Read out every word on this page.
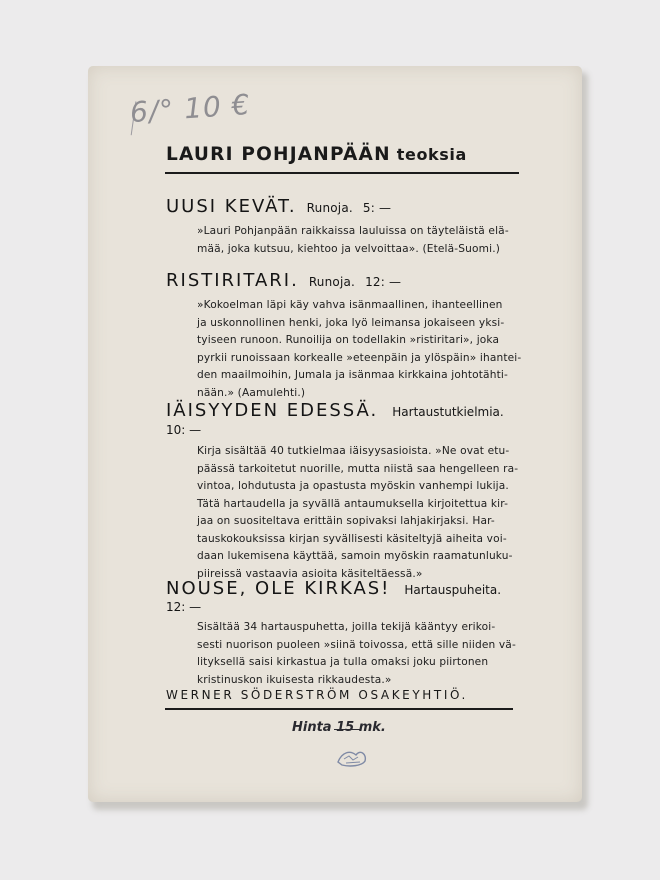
6/° 10 €
LAURI POHJANPÄÄN teoksia
UUSI KEVÄT. Runoja. 5: —
»Lauri Pohjanpään raikkaissa lauluissa on täyteläistä elä-
mää, joka kutsuu, kiehtoo ja velvoittaa». (Etelä-Suomi.)
RISTIRITARI. Runoja. 12: —
»Kokoelman läpi käy vahva isänmaallinen, ihanteellinen
ja uskonnollinen henki, joka lyö leimansa jokaiseen yksi-
tyiseen runoon. Runoilija on todellakin »ristiritari», joka
pyrkii runoissaan korkealle »eteenpäin ja ylöspäin» ihantei-
den maailmoihin, Jumala ja isänmaa kirkkaina johtotähti-
nään.» (Aamulehti.)
IÄISYYDEN EDESSÄ. Hartaustutkielmia.
10: —
Kirja sisältää 40 tutkielmaa iäisyysasioista. »Ne ovat etu-
päässä tarkoitetut nuorille, mutta niistä saa hengelleen ra-
vintoa, lohdutusta ja opastusta myöskin vanhempi lukija.
Tätä hartaudella ja syvällä antaumuksella kirjoitettua kir-
jaa on suositeltava erittäin sopivaksi lahjakirjaksi. Har-
tauskokouksissa kirjan syvällisesti käsiteltyjä aiheita voi-
daan lukemisena käyttää, samoin myöskin raamatunluku-
piireissä vastaavia asioita käsiteltäessä.»
NOUSE, OLE KIRKAS! Hartauspuheita.
12: —
Sisältää 34 hartauspuhetta, joilla tekijä kääntyy erikoi-
sesti nuorison puoleen »siinä toivossa, että sille niiden vä-
lityksellä saisi kirkastua ja tulla omaksi joku piirtonen
kristinuskon ikuisesta rikkaudesta.»
WERNER SÖDERSTRÖM OSAKEYHTIÖ.
Hinta 15 mk.
